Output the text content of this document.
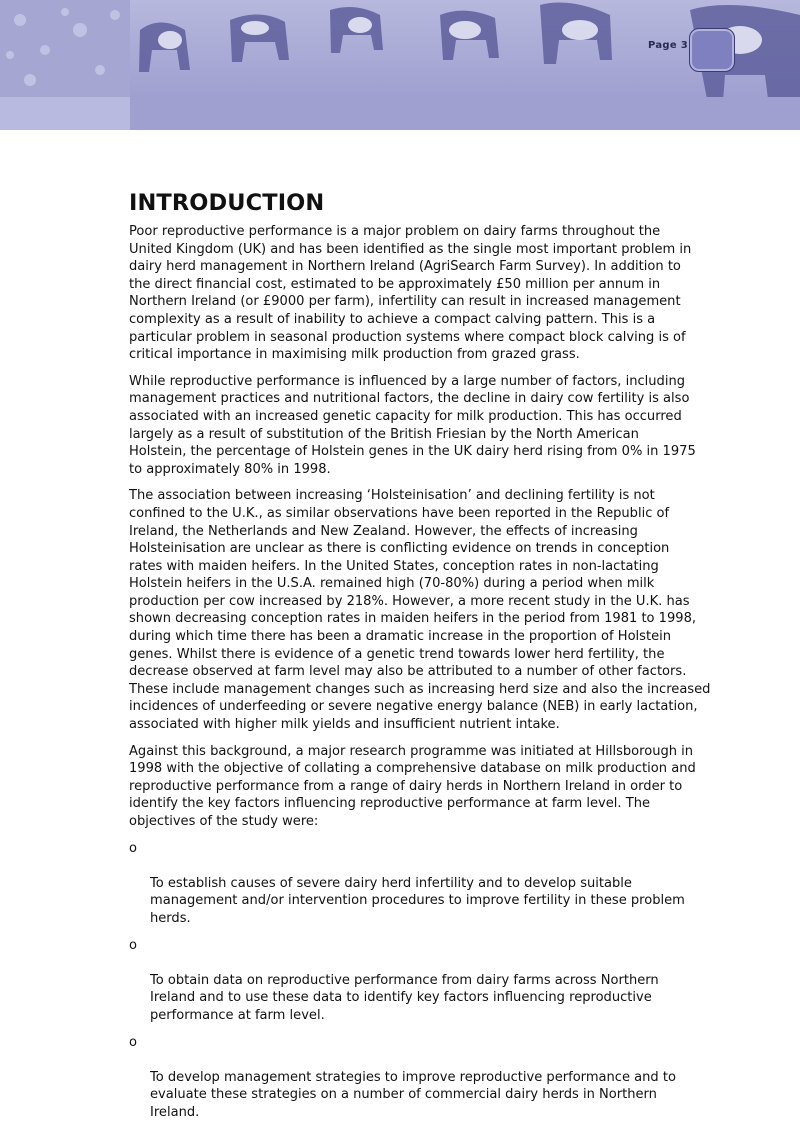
Page 3
INTRODUCTION

Poor reproductive performance is a major problem on dairy farms throughout the
United Kingdom (UK) and has been identified as the single most important problem in
dairy herd management in Northern Ireland (AgriSearch Farm Survey). In addition to
the direct financial cost, estimated to be approximately £50 million per annum in
Northern Ireland (or £9000 per farm), infertility can result in increased management
complexity as a result of inability to achieve a compact calving pattern. This is a
particular problem in seasonal production systems where compact block calving is of
critical importance in maximising milk production from grazed grass.

While reproductive performance is influenced by a large number of factors, including
management practices and nutritional factors, the decline in dairy cow fertility is also
associated with an increased genetic capacity for milk production. This has occurred
largely as a result of substitution of the British Friesian by the North American
Holstein, the percentage of Holstein genes in the UK dairy herd rising from 0% in 1975
to approximately 80% in 1998.

The association between increasing ‘Holsteinisation’ and declining fertility is not
confined to the U.K., as similar observations have been reported in the Republic of
Ireland, the Netherlands and New Zealand. However, the effects of increasing
Holsteinisation are unclear as there is conflicting evidence on trends in conception
rates with maiden heifers. In the United States, conception rates in non-lactating
Holstein heifers in the U.S.A. remained high (70-80%) during a period when milk
production per cow increased by 218%. However, a more recent study in the U.K. has
shown decreasing conception rates in maiden heifers in the period from 1981 to 1998,
during which time there has been a dramatic increase in the proportion of Holstein
genes. Whilst there is evidence of a genetic trend towards lower herd fertility, the
decrease observed at farm level may also be attributed to a number of other factors.
These include management changes such as increasing herd size and also the increased
incidences of underfeeding or severe negative energy balance (NEB) in early lactation,
associated with higher milk yields and insufficient nutrient intake.

Against this background, a major research programme was initiated at Hillsborough in
1998 with the objective of collating a comprehensive database on milk production and
reproductive performance from a range of dairy herds in Northern Ireland in order to
identify the key factors influencing reproductive performance at farm level. The
objectives of the study were:

o

To establish causes of severe dairy herd infertility and to develop suitable
management and/or intervention procedures to improve fertility in these problem
herds.

o

To obtain data on reproductive performance from dairy farms across Northern
Ireland and to use these data to identify key factors influencing reproductive
performance at farm level.

o

To develop management strategies to improve reproductive performance and to
evaluate these strategies on a number of commercial dairy herds in Northern
Ireland.
